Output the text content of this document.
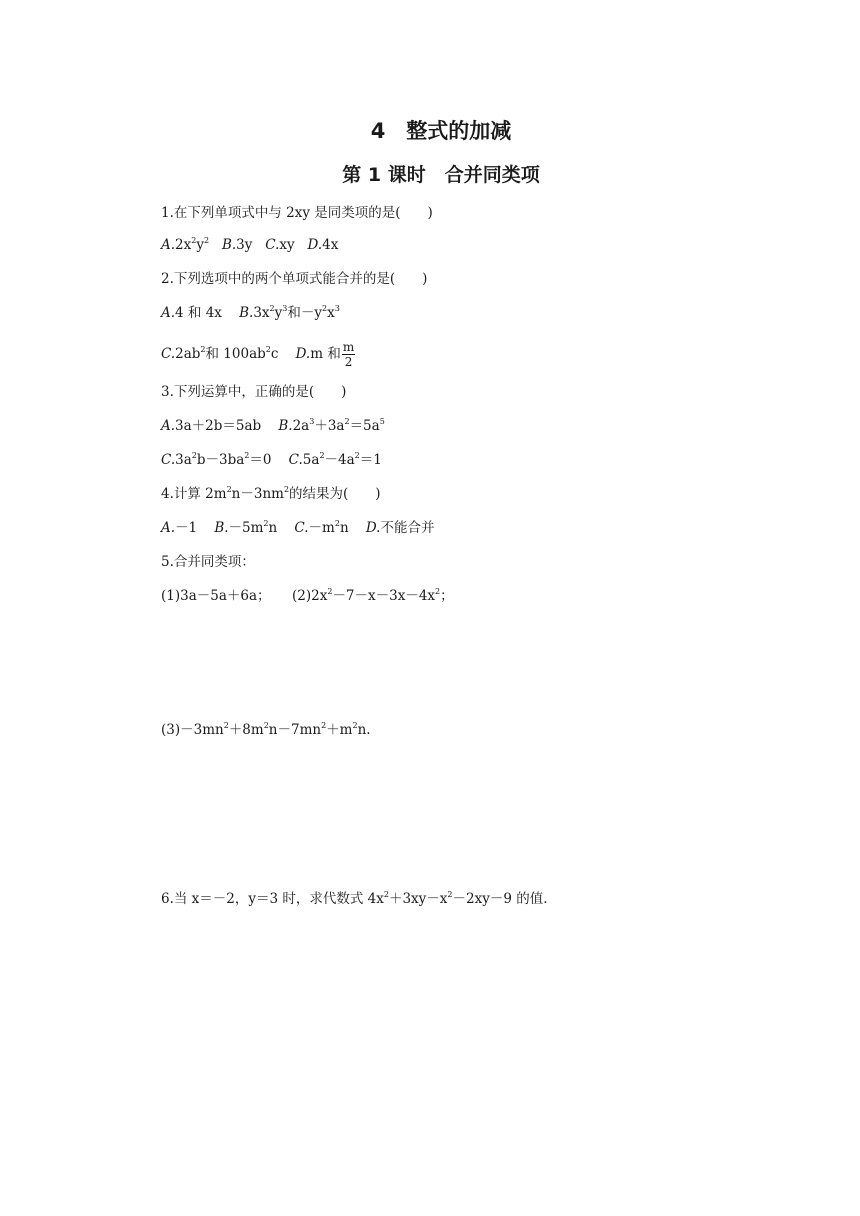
4　整式的加减
第 1 课时　合并同类项
1.在下列单项式中与 2xy 是同类项的是(　　)
$A.2x^2y^2$ B.3y C.xy D.4x
2.下列选项中的两个单项式能合并的是(　　)
A.4 和 4x $B.3x^2y^3$和$-y^2x^3$
$C.2ab^2$和 $100ab^2c$ D.m 和 $\frac{m}{2}$
3.下列运算中，正确的是(　　)
A.3a＋2b＝5ab $B.2a^3+3a^2=5a^5$
$C.3a^2b-3ba^2=0$ $C.5a^2-4a^2=1$
4.计算 $2m^2n-3nm^2$的结果为(　　)
A.－1 $B.-5m^2n$ $C.-m^2n$ D.不能合并
5.合并同类项：
(1)3a－5a＋6a； $(2)2x^2-7-x-3x-4x^2$；
$(3)-3mn^2+8m^2n-7mn^2+m^2n$.
6.当 x＝－2，y＝3 时，求代数式 $4x^2+3xy-x^2-2xy-9$ 的值.
